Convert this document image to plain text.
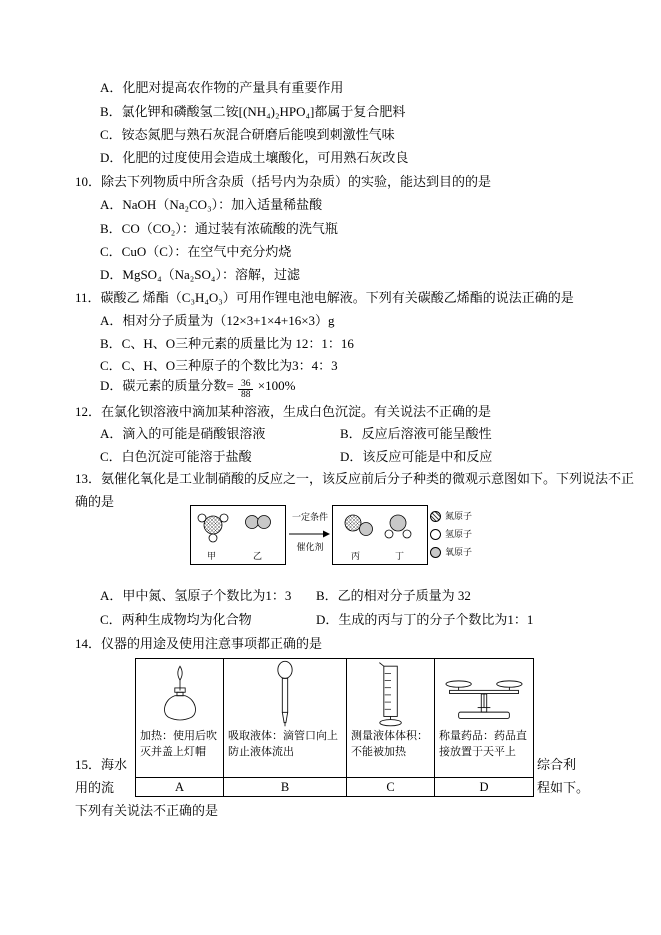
A．化肥对提高农作物的产量具有重要作用
B．氯化钾和磷酸氢二铵[(NH₄)₂HPO₄]都属于复合肥料
C．铵态氮肥与熟石灰混合研磨后能嗅到刺激性气味
D．化肥的过度使用会造成土壤酸化，可用熟石灰改良
10．除去下列物质中所含杂质（括号内为杂质）的实验，能达到目的的是
A．NaOH（Na₂CO₃）：加入适量稀盐酸
B．CO（CO₂）：通过装有浓硫酸的洗气瓶
C．CuO（C）：在空气中充分灼烧
D．MgSO₄（Na₂SO₄）：溶解，过滤
11．碳酸乙 烯酯（C₃H₄O₃）可用作锂电池电解液。下列有关碳酸乙烯酯的说法正确的是
A．相对分子质量为（12×3+1×4+16×3）g
B．C、H、O三种元素的质量比为 12：1：16
C．C、H、O三种原子的个数比为3：4：3
D．碳元素的质量分数= $\frac{36}{88} \times 100\%$
12．在氯化钡溶液中滴加某种溶液，生成白色沉淀。有关说法不正确的是
A．滴入的可能是硝酸银溶液	B．反应后溶液可能呈酸性
C．白色沉淀可能溶于盐酸	D．该反应可能是中和反应
13．氨催化氧化是工业制硝酸的反应之一，该反应前后分子种类的微观示意图如下。下列说法不正
确的是
甲	乙
一定条件
催化剂
丙	丁
氮原子
氢原子
氧原子
A．甲中氮、氢原子个数比为1：3 B．乙的相对分子质量为 32
C．两种生成物均为化合物	D．生成的丙与丁的分子个数比为1：1
14．仪器的用途及使用注意事项都正确的是
加热：使用后吹灭并盖上灯帽	吸取液体：滴管口向上防止液体流出	测量液体体积：不能被加热	称量药品：药品直接放置于天平上

A	B	C	D
15．海水	综合利
用的流	程如下。
下列有关说法不正确的是
